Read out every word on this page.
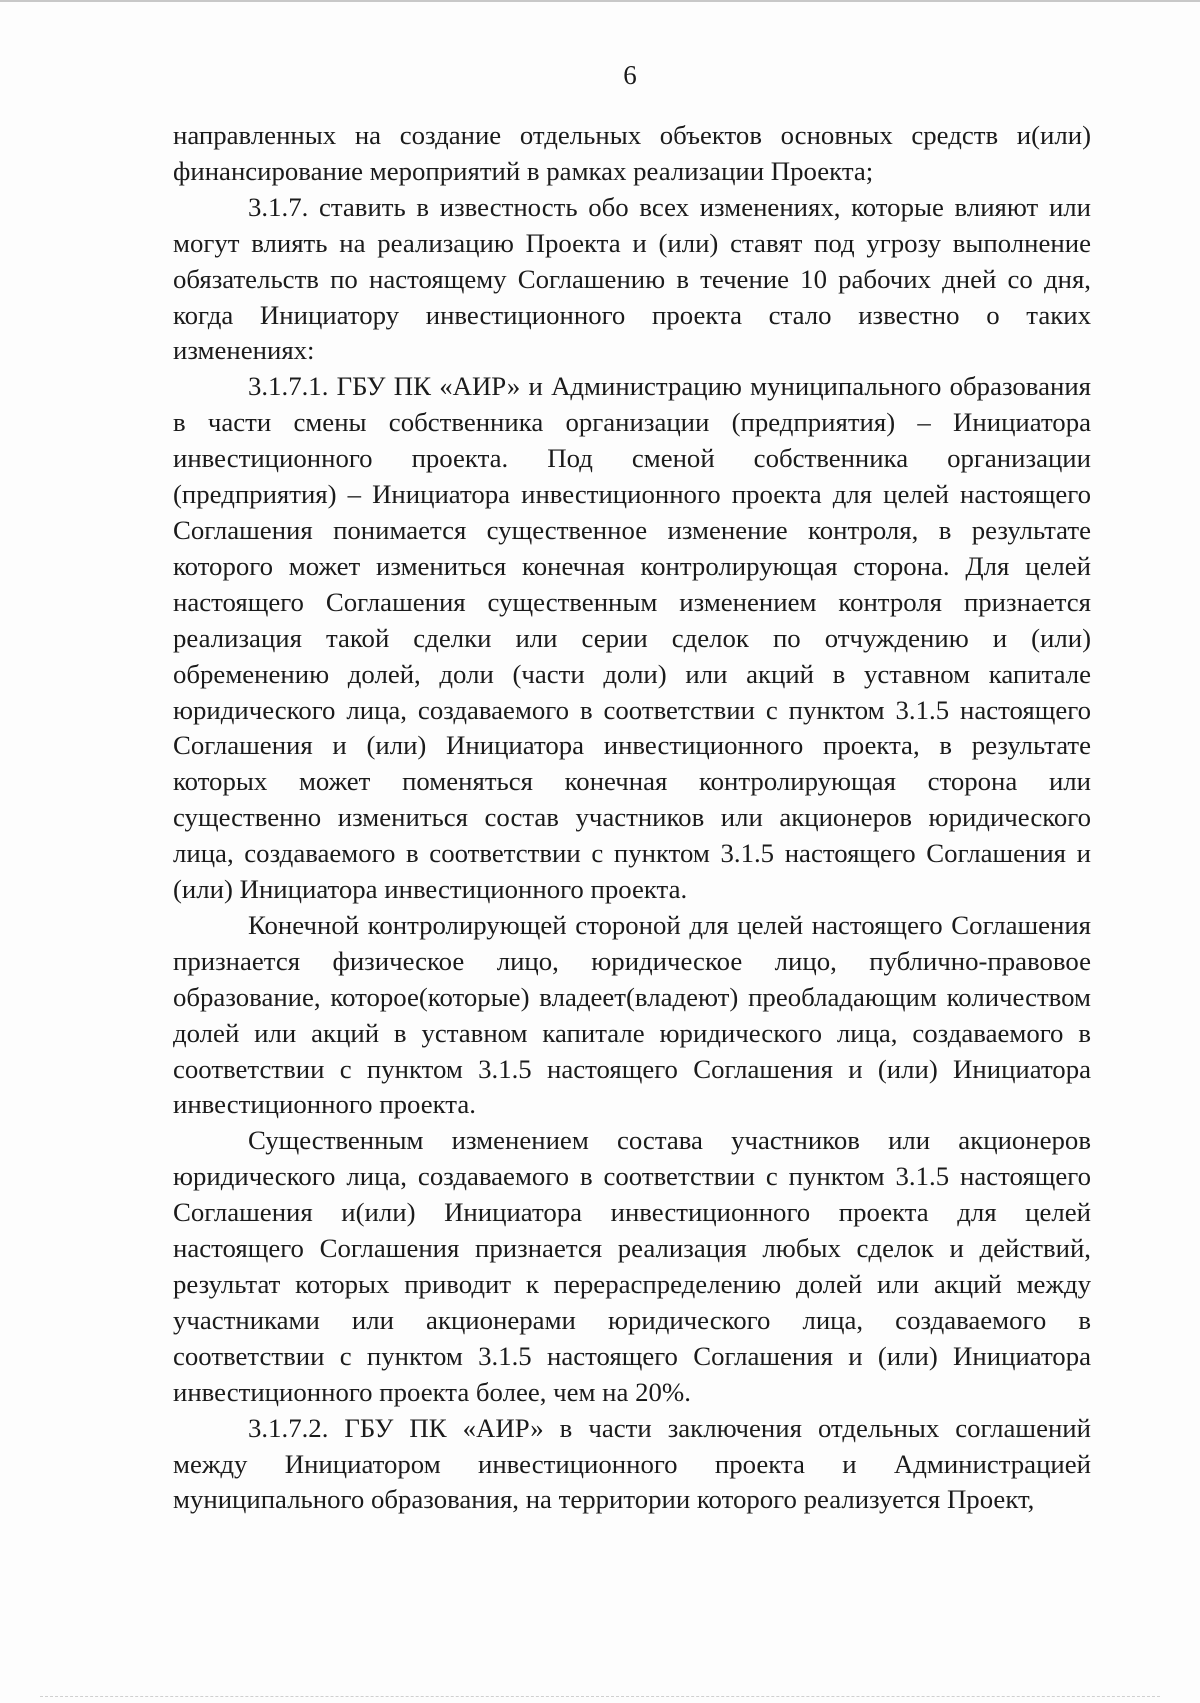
6

направленных на создание отдельных объектов основных средств и(или) финансирование мероприятий в рамках реализации Проекта;

3.1.7. ставить в известность обо всех изменениях, которые влияют или могут влиять на реализацию Проекта и (или) ставят под угрозу выполнение обязательств по настоящему Соглашению в течение 10 рабочих дней со дня, когда Инициатору инвестиционного проекта стало известно о таких изменениях:

3.1.7.1. ГБУ ПК «АИР» и Администрацию муниципального образования в части смены собственника организации (предприятия) – Инициатора инвестиционного проекта. Под сменой собственника организации (предприятия) – Инициатора инвестиционного проекта для целей настоящего Соглашения понимается существенное изменение контроля, в результате которого может измениться конечная контролирующая сторона. Для целей настоящего Соглашения существенным изменением контроля признается реализация такой сделки или серии сделок по отчуждению и (или) обременению долей, доли (части доли) или акций в уставном капитале юридического лица, создаваемого в соответствии с пунктом 3.1.5 настоящего Соглашения и (или) Инициатора инвестиционного проекта, в результате которых может поменяться конечная контролирующая сторона или существенно измениться состав участников или акционеров юридического лица, создаваемого в соответствии с пунктом 3.1.5 настоящего Соглашения и (или) Инициатора инвестиционного проекта.

Конечной контролирующей стороной для целей настоящего Соглашения признается физическое лицо, юридическое лицо, публично-правовое образование, которое(которые) владеет(владеют) преобладающим количеством долей или акций в уставном капитале юридического лица, создаваемого в соответствии с пунктом 3.1.5 настоящего Соглашения и (или) Инициатора инвестиционного проекта.

Существенным изменением состава участников или акционеров юридического лица, создаваемого в соответствии с пунктом 3.1.5 настоящего Соглашения и(или) Инициатора инвестиционного проекта для целей настоящего Соглашения признается реализация любых сделок и действий, результат которых приводит к перераспределению долей или акций между участниками или акционерами юридического лица, создаваемого в соответствии с пунктом 3.1.5 настоящего Соглашения и (или) Инициатора инвестиционного проекта более, чем на 20%.

3.1.7.2. ГБУ ПК «АИР» в части заключения отдельных соглашений между Инициатором инвестиционного проекта и Администрацией муниципального образования, на территории которого реализуется Проект,
